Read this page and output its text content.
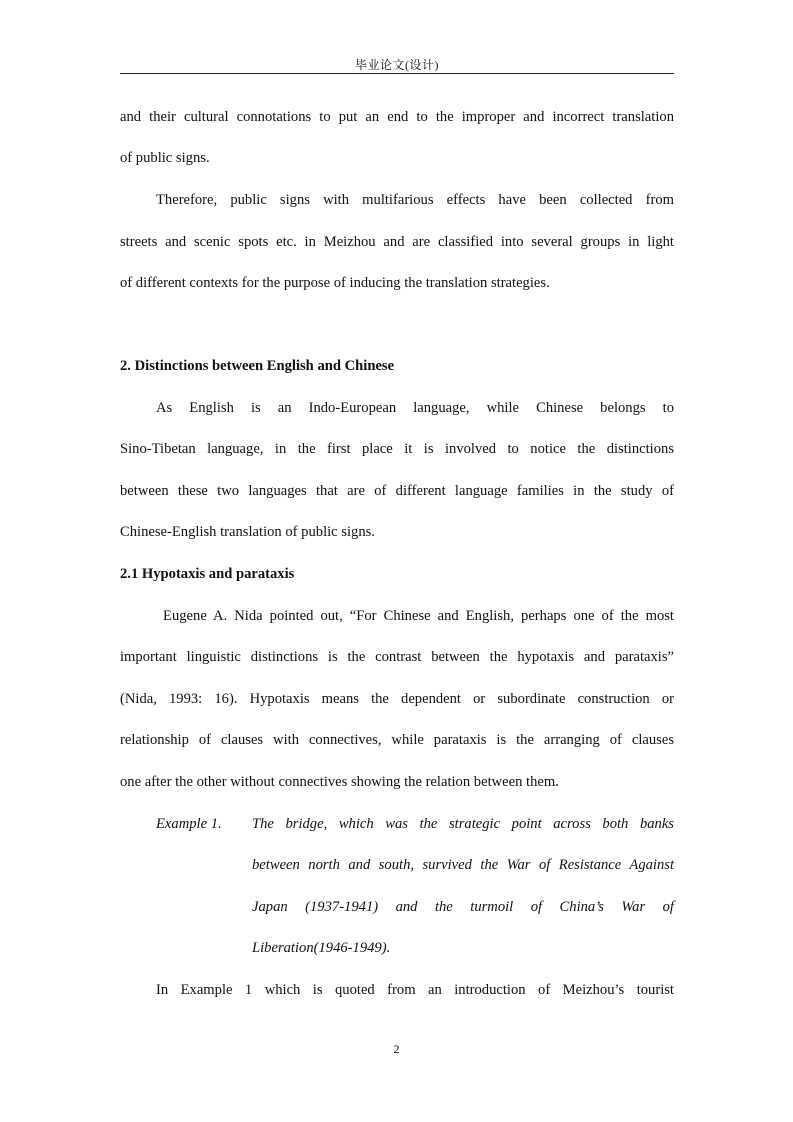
毕业论文(设计)
and their cultural connotations to put an end to the improper and incorrect translation
of public signs.
Therefore, public signs with multifarious effects have been collected from
streets and scenic spots etc. in Meizhou and are classified into several groups in light
of different contexts for the purpose of inducing the translation strategies.
2. Distinctions between English and Chinese
As English is an Indo-European language, while Chinese belongs to
Sino-Tibetan language, in the first place it is involved to notice the distinctions
between these two languages that are of different language families in the study of
Chinese-English translation of public signs.
2.1 Hypotaxis and parataxis
Eugene A. Nida pointed out, “For Chinese and English, perhaps one of the most
important linguistic distinctions is the contrast between the hypotaxis and parataxis”
(Nida, 1993: 16). Hypotaxis means the dependent or subordinate construction or
relationship of clauses with connectives, while parataxis is the arranging of clauses
one after the other without connectives showing the relation between them.
Example 1. The bridge, which was the strategic point across both banks
between north and south, survived the War of Resistance Against
Japan (1937-1941) and the turmoil of China’s War of
Liberation(1946-1949).
In Example 1 which is quoted from an introduction of Meizhou’s tourist
2
